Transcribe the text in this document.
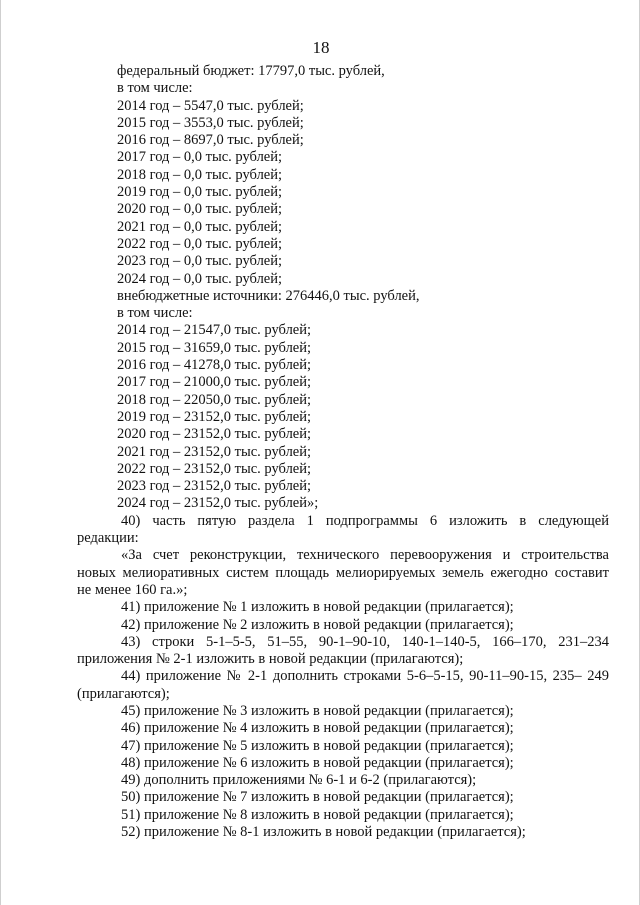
18
федеральный бюджет: 17797,0 тыс. рублей,
в том числе:
2014 год – 5547,0 тыс. рублей;
2015 год – 3553,0 тыс. рублей;
2016 год – 8697,0 тыс. рублей;
2017 год – 0,0 тыс. рублей;
2018 год – 0,0 тыс. рублей;
2019 год – 0,0 тыс. рублей;
2020 год – 0,0 тыс. рублей;
2021 год – 0,0 тыс. рублей;
2022 год – 0,0 тыс. рублей;
2023 год – 0,0 тыс. рублей;
2024 год – 0,0 тыс. рублей;
внебюджетные источники: 276446,0 тыс. рублей,
в том числе:
2014 год – 21547,0 тыс. рублей;
2015 год – 31659,0 тыс. рублей;
2016 год – 41278,0 тыс. рублей;
2017 год – 21000,0 тыс. рублей;
2018 год – 22050,0 тыс. рублей;
2019 год – 23152,0 тыс. рублей;
2020 год – 23152,0 тыс. рублей;
2021 год – 23152,0 тыс. рублей;
2022 год – 23152,0 тыс. рублей;
2023 год – 23152,0 тыс. рублей;
2024 год – 23152,0 тыс. рублей»;
40) часть пятую раздела 1 подпрограммы 6 изложить в следующей
редакции:
«За счет реконструкции, технического перевооружения и строительства
новых мелиоративных систем площадь мелиорируемых земель ежегодно составит
не менее 160 га.»;
41) приложение № 1 изложить в новой редакции (прилагается);
42) приложение № 2 изложить в новой редакции (прилагается);
43) строки 5-1–5-5, 51–55, 90-1–90-10, 140-1–140-5, 166–170, 231–234
приложения № 2-1 изложить в новой редакции (прилагаются);
44) приложение № 2-1 дополнить строками 5-6–5-15, 90-11–90-15, 235– 249
(прилагаются);
45) приложение № 3 изложить в новой редакции (прилагается);
46) приложение № 4 изложить в новой редакции (прилагается);
47) приложение № 5 изложить в новой редакции (прилагается);
48) приложение № 6 изложить в новой редакции (прилагается);
49) дополнить приложениями № 6-1 и 6-2 (прилагаются);
50) приложение № 7 изложить в новой редакции (прилагается);
51) приложение № 8 изложить в новой редакции (прилагается);
52) приложение № 8-1 изложить в новой редакции (прилагается);
